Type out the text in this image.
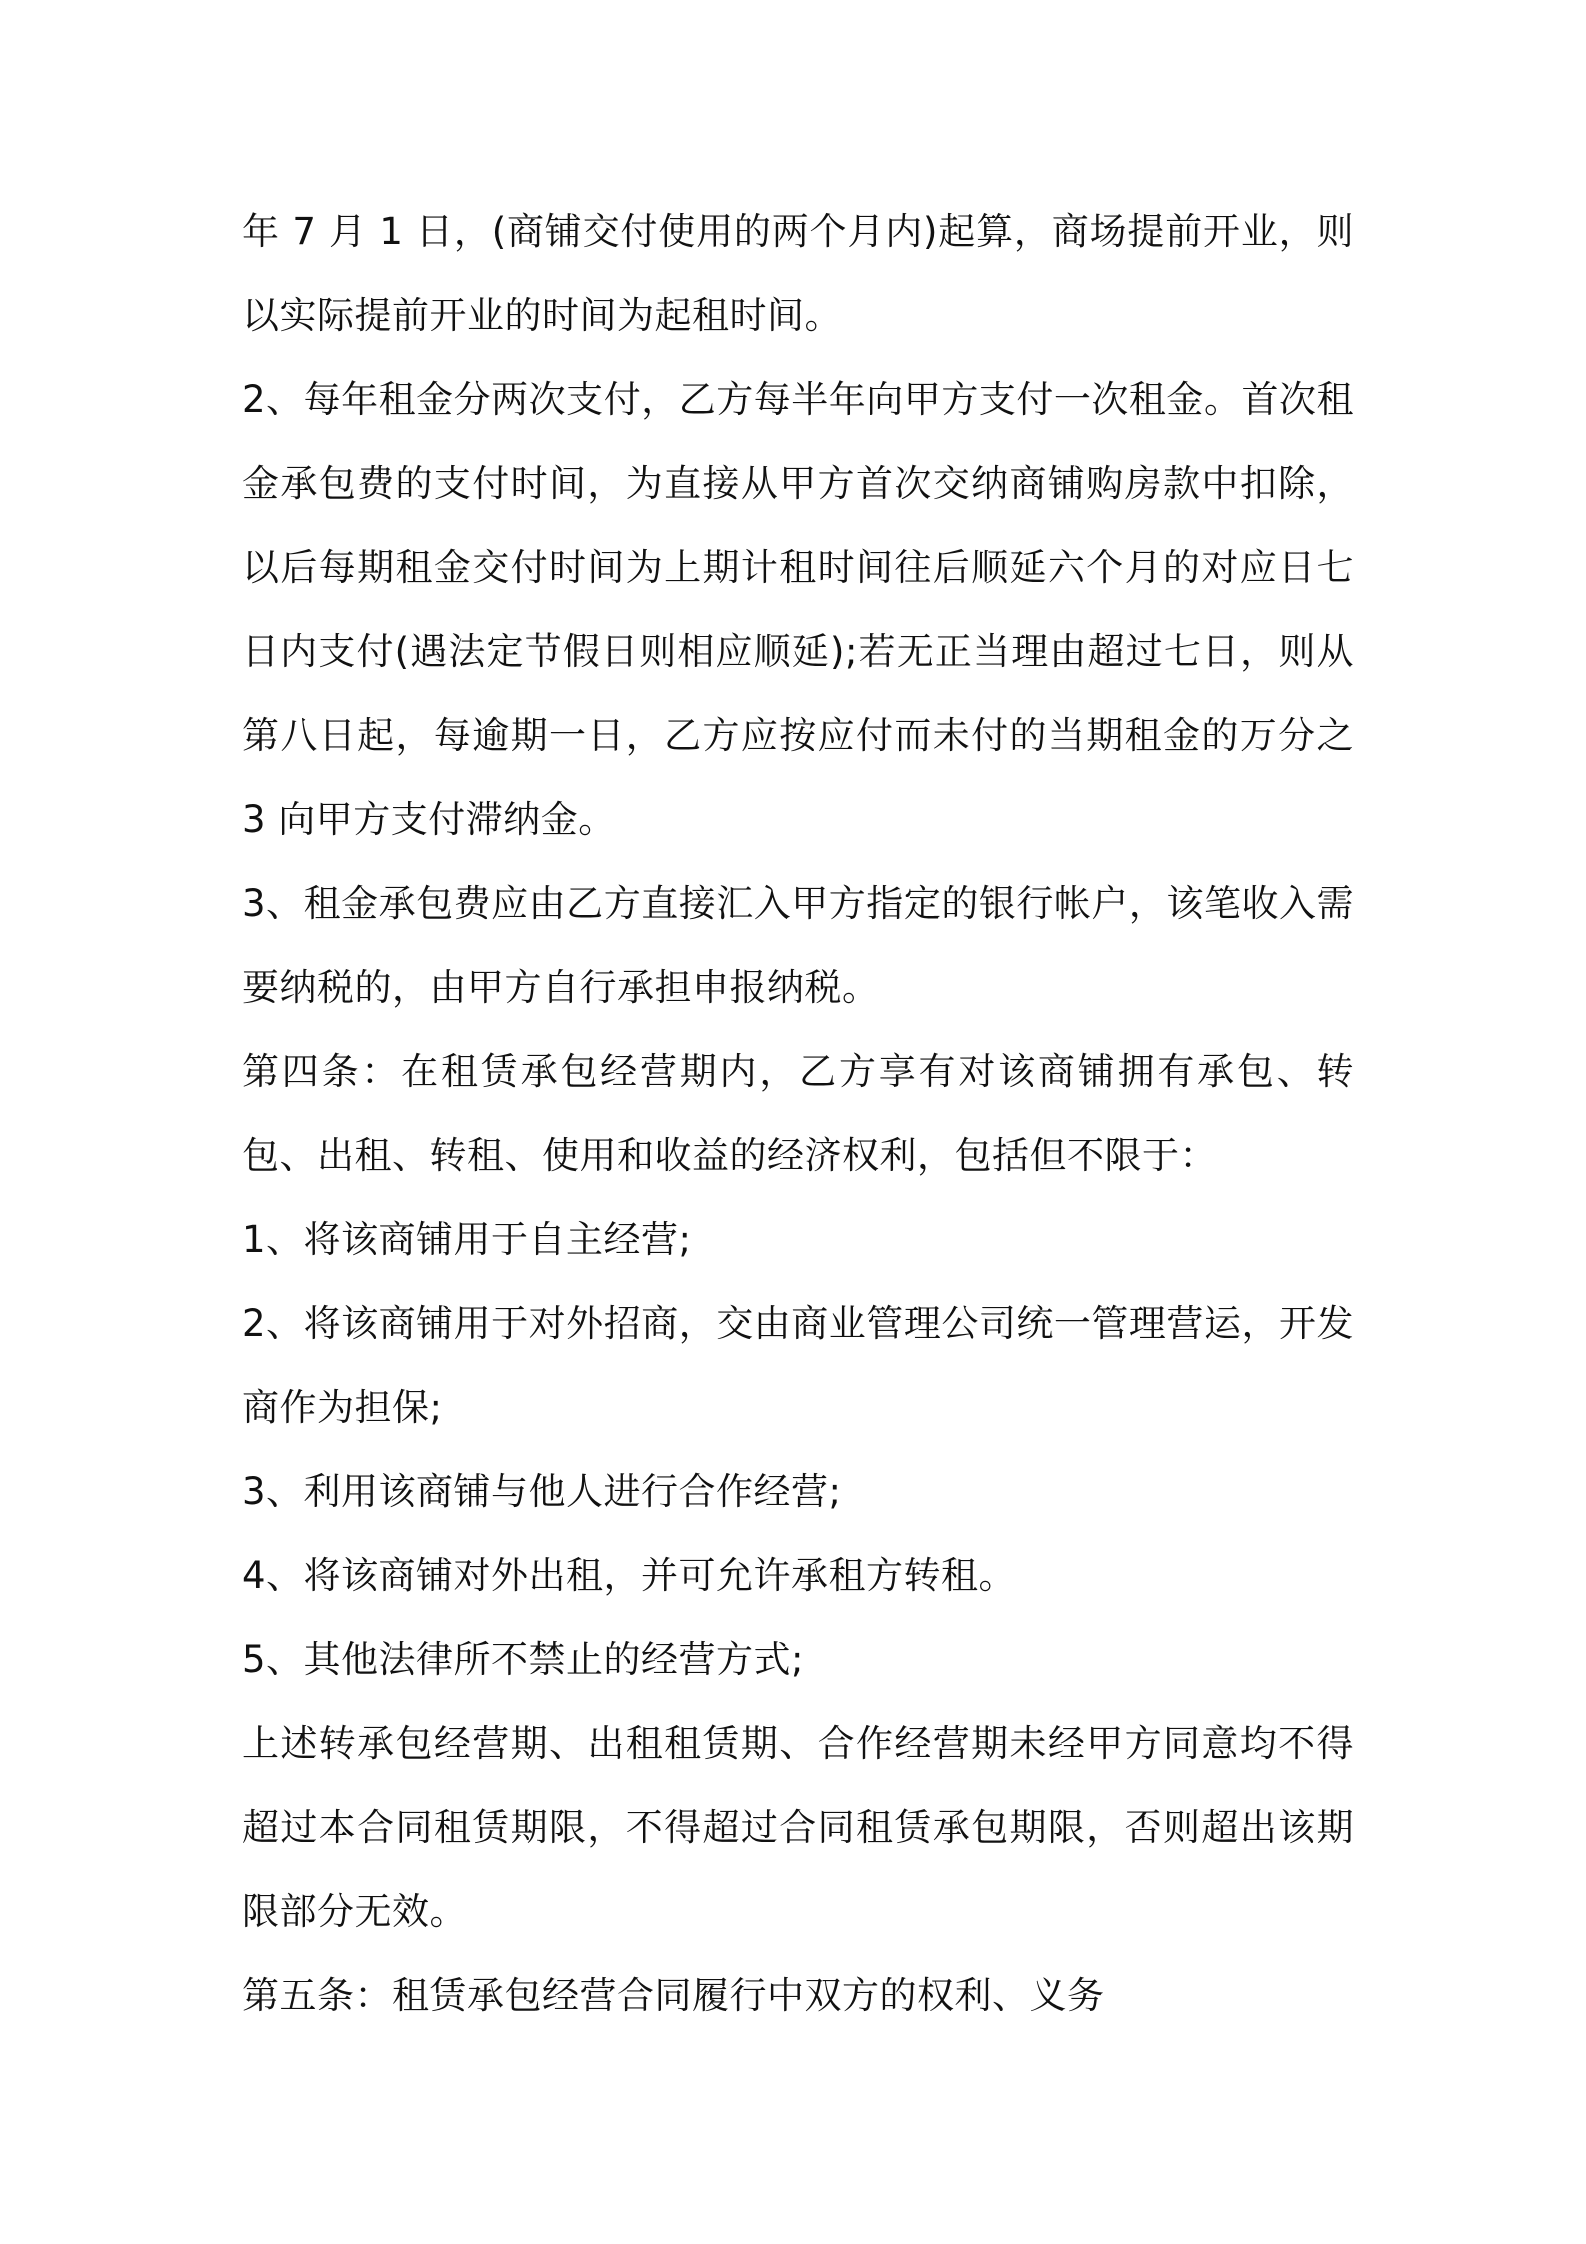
年 7 月 1 日，(商铺交付使用的两个月内)起算，商场提前开业，则以实际提前开业的时间为起租时间。

2、每年租金分两次支付，乙方每半年向甲方支付一次租金。首次租金承包费的支付时间，为直接从甲方首次交纳商铺购房款中扣除，以后每期租金交付时间为上期计租时间往后顺延六个月的对应日七日内支付(遇法定节假日则相应顺延);若无正当理由超过七日，则从第八日起，每逾期一日，乙方应按应付而未付的当期租金的万分之 3 向甲方支付滞纳金。

3、租金承包费应由乙方直接汇入甲方指定的银行帐户，该笔收入需要纳税的，由甲方自行承担申报纳税。

第四条：在租赁承包经营期内，乙方享有对该商铺拥有承包、转包、出租、转租、使用和收益的经济权利，包括但不限于：

1、将该商铺用于自主经营;

2、将该商铺用于对外招商，交由商业管理公司统一管理营运，开发商作为担保;

3、利用该商铺与他人进行合作经营;

4、将该商铺对外出租，并可允许承租方转租。

5、其他法律所不禁止的经营方式;

上述转承包经营期、出租租赁期、合作经营期未经甲方同意均不得超过本合同租赁期限，不得超过合同租赁承包期限，否则超出该期限部分无效。

第五条：租赁承包经营合同履行中双方的权利、义务
